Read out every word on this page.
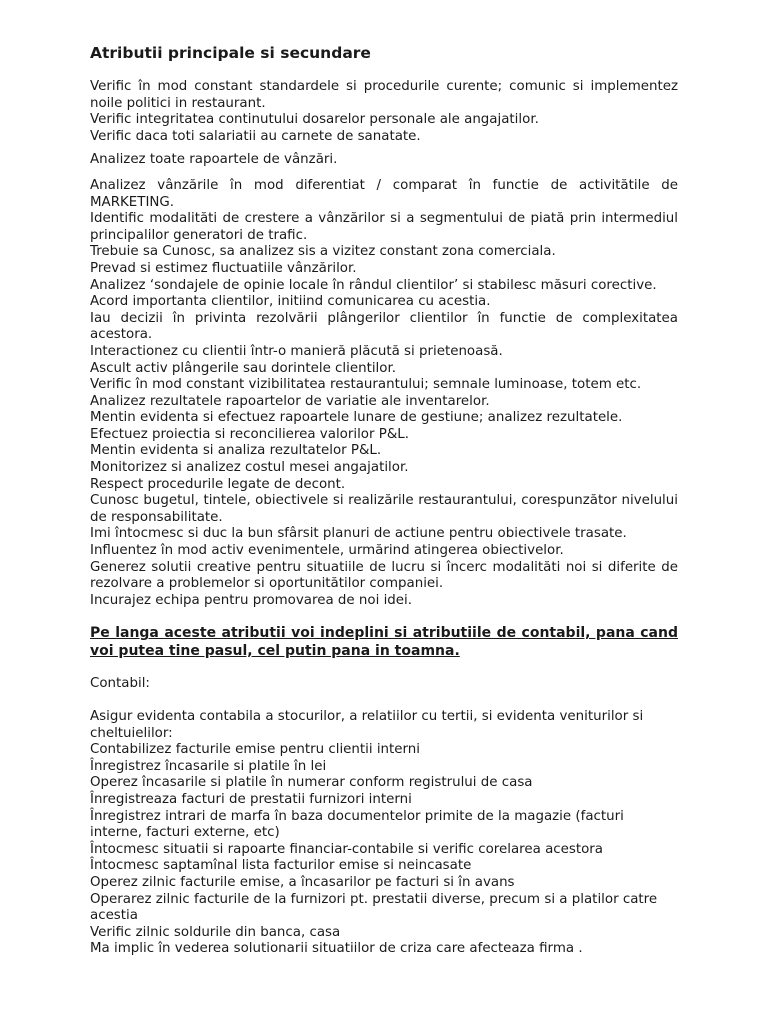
Atributii principale si secundare

Verific în mod constant standardele si procedurile curente; comunic si implementez noile politici in restaurant.

Verific integritatea continutului dosarelor personale ale angajatilor.

Verific daca toti salariatii au carnete de sanatate.

Analizez toate rapoartele de vânzări.

Analizez vânzările în mod diferentiat / comparat în functie de activitătile de MARKETING.

Identific modalităti de crestere a vânzărilor si a segmentului de piată prin intermediul principalilor generatori de trafic.

Trebuie sa Cunosc, sa analizez sis a vizitez constant zona comerciala.

Prevad si estimez fluctuatiile vânzărilor.

Analizez ‘sondajele de opinie locale în rândul clientilor’ si stabilesc măsuri corective.

Acord importanta clientilor, initiind comunicarea cu acestia.

Iau decizii în privinta rezolvării plângerilor clientilor în functie de complexitatea acestora.

Interactionez cu clientii într-o manieră plăcută si prietenoasă.

Ascult activ plângerile sau dorintele clientilor.

Verific în mod constant vizibilitatea restaurantului; semnale luminoase, totem etc.

Analizez rezultatele rapoartelor de variatie ale inventarelor.

Mentin evidenta si efectuez rapoartele lunare de gestiune; analizez rezultatele.

Efectuez proiectia si reconcilierea valorilor P&L.

Mentin evidenta si analiza rezultatelor P&L.

Monitorizez si analizez costul mesei angajatilor.

Respect procedurile legate de decont.

Cunosc bugetul, tintele, obiectivele si realizările restaurantului, corespunzător nivelului de responsabilitate.

Imi întocmesc si duc la bun sfârsit planuri de actiune pentru obiectivele trasate.

Influentez în mod activ evenimentele, urmărind atingerea obiectivelor.

Generez solutii creative pentru situatiile de lucru si încerc modalităti noi si diferite de rezolvare a problemelor si oportunitătilor companiei.

Incurajez echipa pentru promovarea de noi idei.

Pe langa aceste atributii voi indeplini si atributiile de contabil, pana cand voi putea tine pasul, cel putin pana in toamna.

Contabil:

Asigur evidenta contabila a stocurilor, a relatiilor cu tertii, si evidenta veniturilor si cheltuielilor:

Contabilizez facturile emise pentru clientii interni

Înregistrez încasarile si platile în lei

Operez încasarile si platile în numerar conform registrului de casa

Înregistreaza facturi de prestatii furnizori interni

Înregistrez intrari de marfa în baza documentelor primite de la magazie (facturi interne, facturi externe, etc)

Întocmesc situatii si rapoarte financiar-contabile si verific corelarea acestora

Întocmesc saptamînal lista facturilor emise si neincasate

Operez zilnic facturile emise, a încasarilor pe facturi si în avans

Operarez zilnic facturile de la furnizori pt. prestatii diverse, precum si a platilor catre acestia

Verific zilnic soldurile din banca, casa

Ma implic în vederea solutionarii situatiilor de criza care afecteaza firma .
